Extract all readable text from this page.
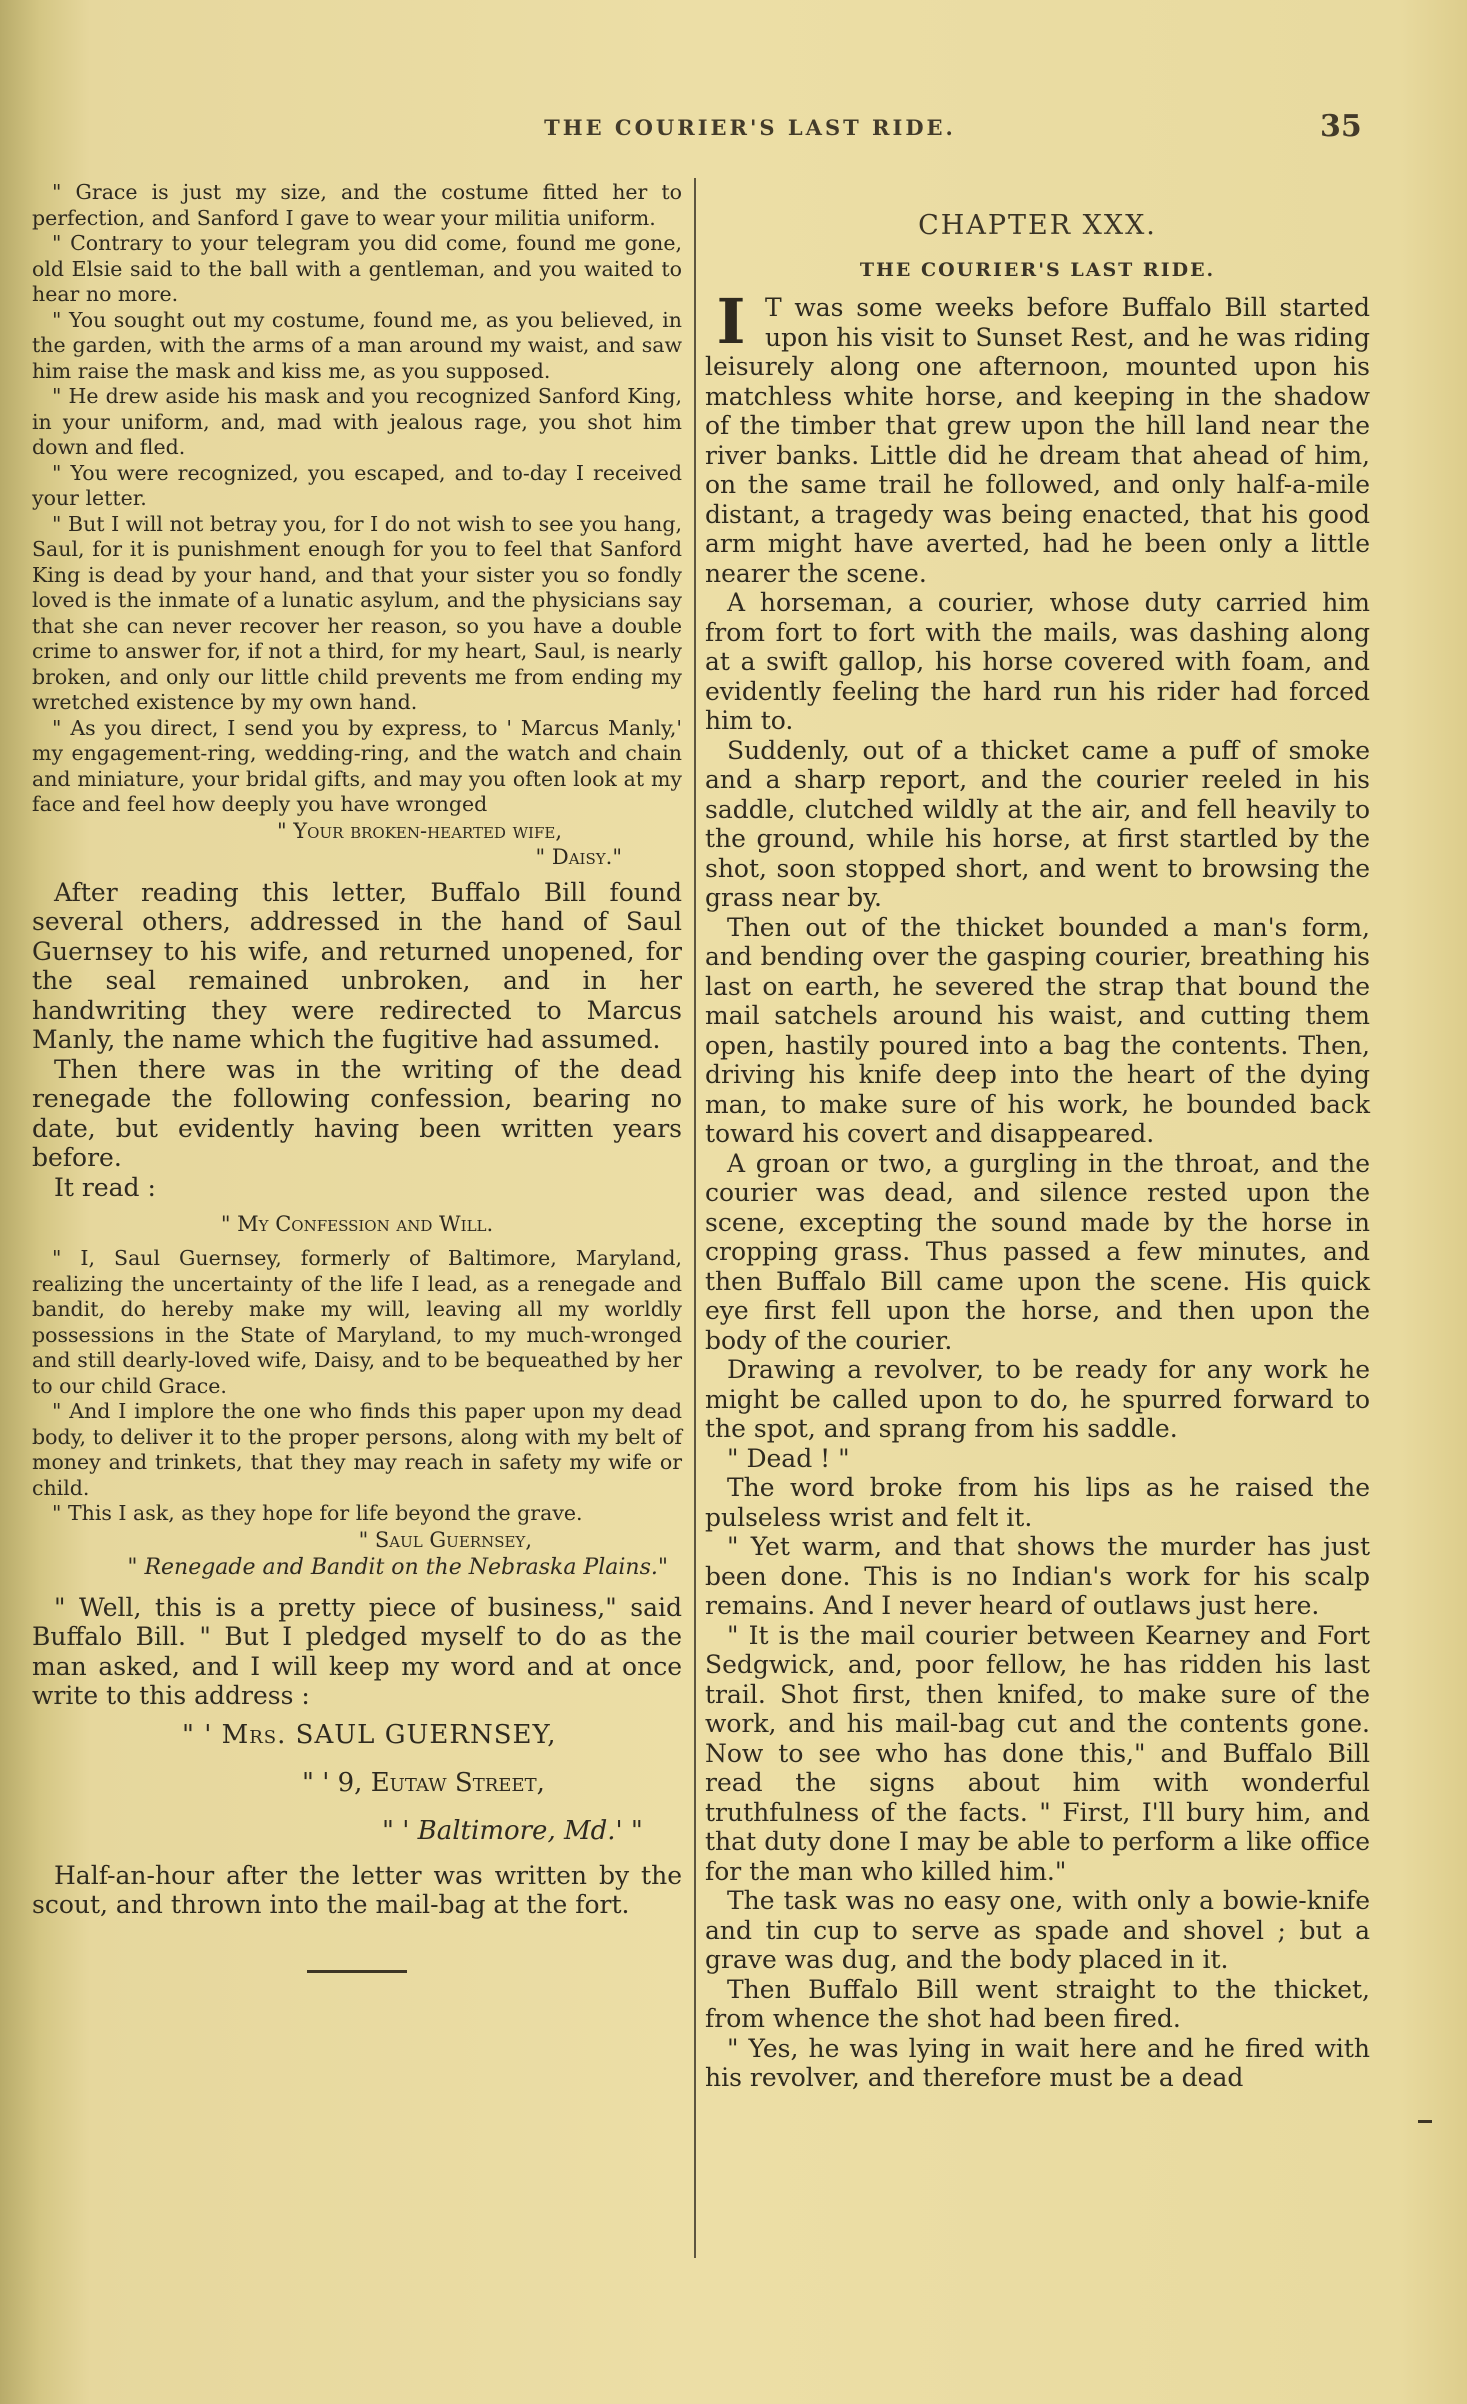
THE COURIER'S LAST RIDE.	35

" Grace is just my size, and the costume fitted her to perfection, and Sanford I gave to wear your militia uniform.

" Contrary to your telegram you did come, found me gone, old Elsie said to the ball with a gentleman, and you waited to hear no more.

" You sought out my costume, found me, as you believed, in the garden, with the arms of a man around my waist, and saw him raise the mask and kiss me, as you supposed.

" He drew aside his mask and you recognized Sanford King, in your uniform, and, mad with jealous rage, you shot him down and fled.

" You were recognized, you escaped, and to-day I received your letter.

" But I will not betray you, for I do not wish to see you hang, Saul, for it is punishment enough for you to feel that Sanford King is dead by your hand, and that your sister you so fondly loved is the inmate of a lunatic asylum, and the physicians say that she can never recover her reason, so you have a double crime to answer for, if not a third, for my heart, Saul, is nearly broken, and only our little child prevents me from ending my wretched existence by my own hand.

" As you direct, I send you by express, to ' Marcus Manly,' my engagement-ring, wedding-ring, and the watch and chain and miniature, your bridal gifts, and may you often look at my face and feel how deeply you have wronged

" Your broken-hearted wife,
" Daisy."

After reading this letter, Buffalo Bill found several others, addressed in the hand of Saul Guernsey to his wife, and returned unopened, for the seal remained unbroken, and in her handwriting they were redirected to Marcus Manly, the name which the fugitive had assumed.

Then there was in the writing of the dead renegade the following confession, bearing no date, but evidently having been written years before.

It read :

" My Confession and Will.

" I, Saul Guernsey, formerly of Baltimore, Maryland, realizing the uncertainty of the life I lead, as a renegade and bandit, do hereby make my will, leaving all my worldly possessions in the State of Maryland, to my much-wronged and still dearly-loved wife, Daisy, and to be bequeathed by her to our child Grace.

" And I implore the one who finds this paper upon my dead body, to deliver it to the proper persons, along with my belt of money and trinkets, that they may reach in safety my wife or child.

" This I ask, as they hope for life beyond the grave.

" Saul Guernsey,
" Renegade and Bandit on the Nebraska Plains."

" Well, this is a pretty piece of business," said Buffalo Bill. " But I pledged myself to do as the man asked, and I will keep my word and at once write to this address :

" ' Mrs. SAUL GUERNSEY,
" ' 9, Eutaw Street,
" ' Baltimore, Md.' "

Half-an-hour after the letter was written by the scout, and thrown into the mail-bag at the fort.

CHAPTER XXX.
THE COURIER'S LAST RIDE.

I T was some weeks before Buffalo Bill started upon his visit to Sunset Rest, and he was riding leisurely along one afternoon, mounted upon his matchless white horse, and keeping in the shadow of the timber that grew upon the hill land near the river banks. Little did he dream that ahead of him, on the same trail he followed, and only half-a-mile distant, a tragedy was being enacted, that his good arm might have averted, had he been only a little nearer the scene.

A horseman, a courier, whose duty carried him from fort to fort with the mails, was dashing along at a swift gallop, his horse covered with foam, and evidently feeling the hard run his rider had forced him to.

Suddenly, out of a thicket came a puff of smoke and a sharp report, and the courier reeled in his saddle, clutched wildly at the air, and fell heavily to the ground, while his horse, at first startled by the shot, soon stopped short, and went to browsing the grass near by.

Then out of the thicket bounded a man's form, and bending over the gasping courier, breathing his last on earth, he severed the strap that bound the mail satchels around his waist, and cutting them open, hastily poured into a bag the contents. Then, driving his knife deep into the heart of the dying man, to make sure of his work, he bounded back toward his covert and disappeared.

A groan or two, a gurgling in the throat, and the courier was dead, and silence rested upon the scene, excepting the sound made by the horse in cropping grass. Thus passed a few minutes, and then Buffalo Bill came upon the scene. His quick eye first fell upon the horse, and then upon the body of the courier.

Drawing a revolver, to be ready for any work he might be called upon to do, he spurred forward to the spot, and sprang from his saddle.

" Dead ! "

The word broke from his lips as he raised the pulseless wrist and felt it.

" Yet warm, and that shows the murder has just been done. This is no Indian's work for his scalp remains. And I never heard of outlaws just here.

" It is the mail courier between Kearney and Fort Sedgwick, and, poor fellow, he has ridden his last trail. Shot first, then knifed, to make sure of the work, and his mail-bag cut and the contents gone. Now to see who has done this," and Buffalo Bill read the signs about him with wonderful truthfulness of the facts. " First, I'll bury him, and that duty done I may be able to perform a like office for the man who killed him."

The task was no easy one, with only a bowie-knife and tin cup to serve as spade and shovel ; but a grave was dug, and the body placed in it.

Then Buffalo Bill went straight to the thicket, from whence the shot had been fired.

" Yes, he was lying in wait here and he fired with his revolver, and therefore must be a dead
